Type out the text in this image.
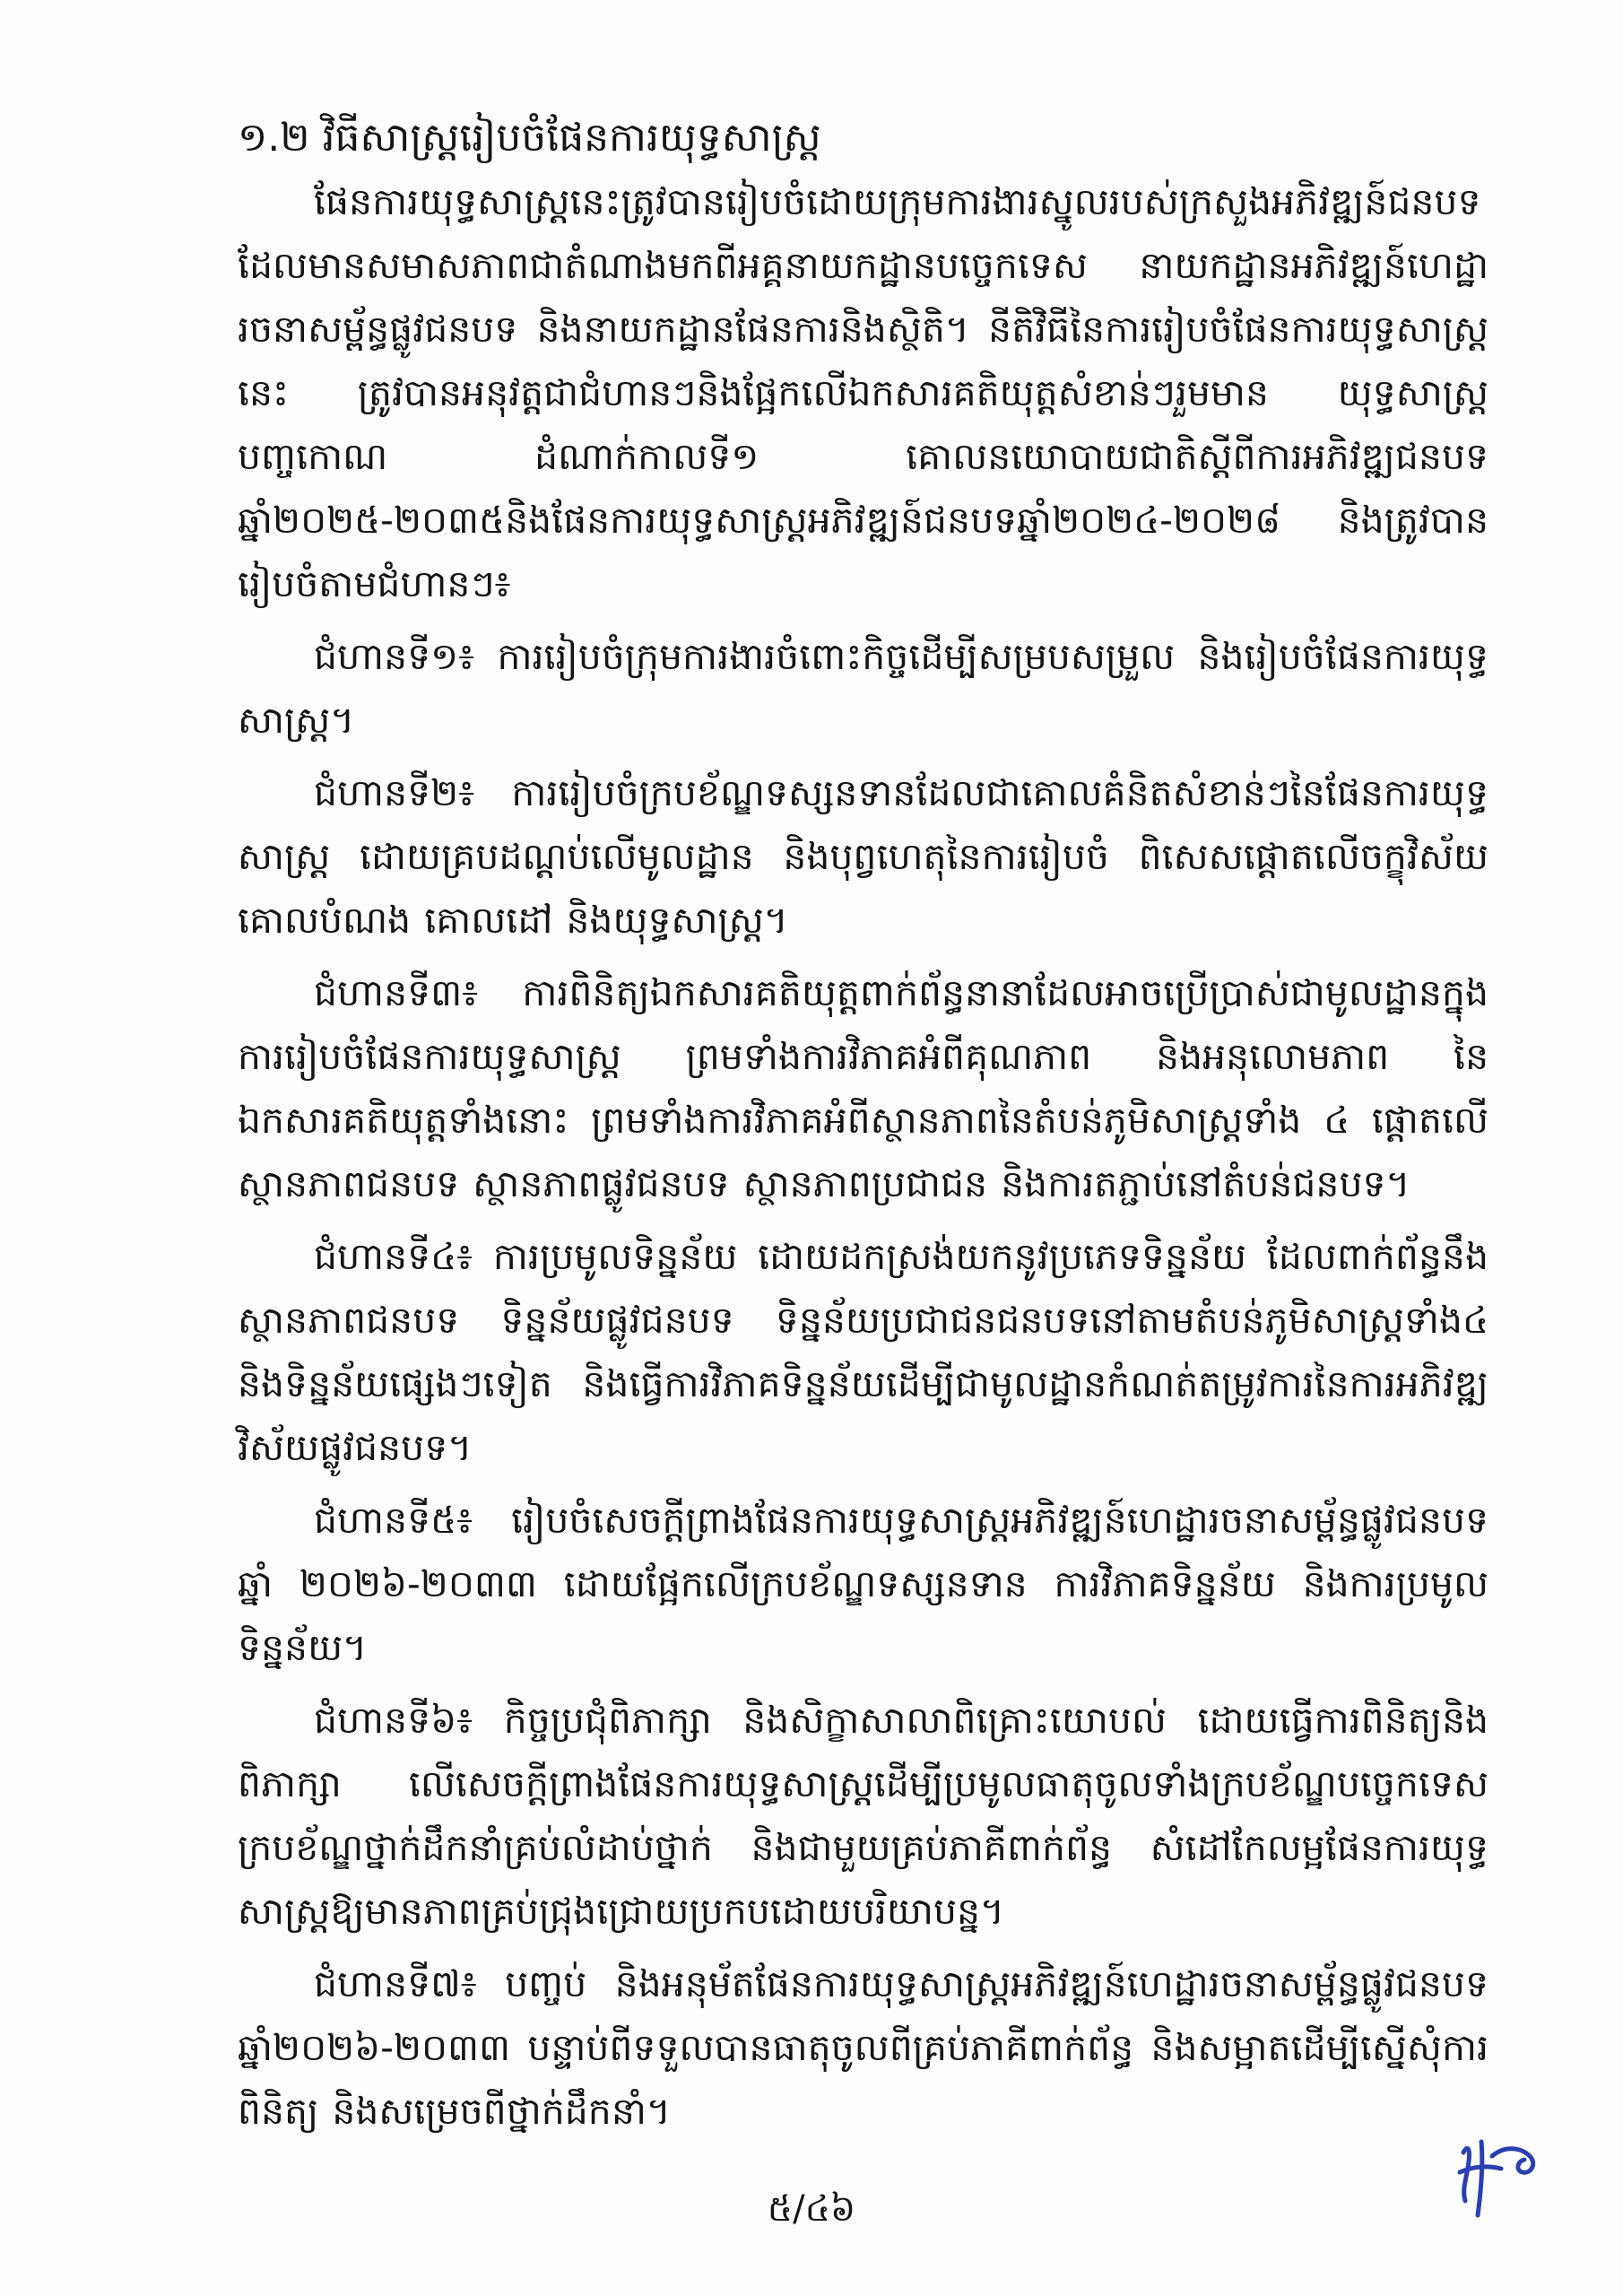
១.២ វិធីសាស្ត្ររៀបចំផែនការយុទ្ធសាស្ត្រ

ផែនការយុទ្ធសាស្ត្រនេះត្រូវបានរៀបចំដោយក្រុមការងារស្នូលរបស់ក្រសួងអភិវឌ្ឍន៍ជនបទ ដែលមានសមាសភាពជាតំណាងមកពីអគ្គនាយកដ្ឋានបច្ចេកទេស នាយកដ្ឋានអភិវឌ្ឍន៍ហេដ្ឋារចនាសម្ព័ន្ធផ្លូវជនបទ និងនាយកដ្ឋានផែនការនិងស្ថិតិ។ នីតិវិធីនៃការរៀបចំផែនការយុទ្ធសាស្ត្រនេះ ត្រូវបានអនុវត្តជាជំហានៗនិងផ្អែកលើឯកសារគតិយុត្តសំខាន់ៗរួមមាន យុទ្ធសាស្ត្របញ្ចកោណ ដំណាក់កាលទី១ គោលនយោបាយជាតិស្ដីពីការអភិវឌ្ឍជនបទឆ្នាំ២០២៥-២០៣៥និងផែនការយុទ្ធសាស្ត្រអភិវឌ្ឍន៍ជនបទឆ្នាំ២០២៤-២០២៨ និងត្រូវបានរៀបចំតាមជំហានៗ៖

ជំហានទី១៖ ការរៀបចំក្រុមការងារចំពោះកិច្ចដើម្បីសម្របសម្រួល និងរៀបចំផែនការយុទ្ធសាស្ត្រ។

ជំហានទី២៖ ការរៀបចំក្របខ័ណ្ឌទស្សនទានដែលជាគោលគំនិតសំខាន់ៗនៃផែនការយុទ្ធសាស្ត្រ ដោយគ្របដណ្ដប់លើមូលដ្ឋាន និងបុព្វហេតុនៃការរៀបចំ ពិសេសផ្ដោតលើចក្ខុវិស័យ គោលបំណង គោលដៅ និងយុទ្ធសាស្ត្រ។

ជំហានទី៣៖ ការពិនិត្យឯកសារគតិយុត្តពាក់ព័ន្ធនានាដែលអាចប្រើប្រាស់ជាមូលដ្ឋានក្នុងការរៀបចំផែនការយុទ្ធសាស្ត្រ ព្រមទាំងការវិភាគអំពីគុណភាព និងអនុលោមភាព នៃឯកសារគតិយុត្តទាំងនោះ ព្រមទាំងការវិភាគអំពីស្ថានភាពនៃតំបន់ភូមិសាស្ត្រទាំង ៤ ផ្ដោតលើស្ថានភាពជនបទ ស្ថានភាពផ្លូវជនបទ ស្ថានភាពប្រជាជន និងការតភ្ជាប់នៅតំបន់ជនបទ។

ជំហានទី៤៖ ការប្រមូលទិន្នន័យ ដោយដកស្រង់យកនូវប្រភេទទិន្នន័យ ដែលពាក់ព័ន្ធនឹងស្ថានភាពជនបទ ទិន្នន័យផ្លូវជនបទ ទិន្នន័យប្រជាជនជនបទនៅតាមតំបន់ភូមិសាស្ត្រទាំង៤ និងទិន្នន័យផ្សេងៗទៀត និងធ្វើការវិភាគទិន្នន័យដើម្បីជាមូលដ្ឋានកំណត់តម្រូវការនៃការអភិវឌ្ឍវិស័យផ្លូវជនបទ។

ជំហានទី៥៖ រៀបចំសេចក្ដីព្រាងផែនការយុទ្ធសាស្ត្រអភិវឌ្ឍន៍ហេដ្ឋារចនាសម្ព័ន្ធផ្លូវជនបទឆ្នាំ ២០២៦-២០៣៣ ដោយផ្អែកលើក្របខ័ណ្ឌទស្សនទាន ការវិភាគទិន្នន័យ និងការប្រមូលទិន្នន័យ។

ជំហានទី៦៖ កិច្ចប្រជុំពិភាក្សា និងសិក្ខាសាលាពិគ្រោះយោបល់ ដោយធ្វើការពិនិត្យនិងពិភាក្សា លើសេចក្ដីព្រាងផែនការយុទ្ធសាស្ត្រដើម្បីប្រមូលធាតុចូលទាំងក្របខ័ណ្ឌបច្ចេកទេស ក្របខ័ណ្ឌថ្នាក់ដឹកនាំគ្រប់លំដាប់ថ្នាក់ និងជាមួយគ្រប់ភាគីពាក់ព័ន្ធ សំដៅកែលម្អផែនការយុទ្ធសាស្ត្រឱ្យមានភាពគ្រប់ជ្រុងជ្រោយប្រកបដោយបរិយាបន្ន។

ជំហានទី៧៖ បញ្ចប់ និងអនុម័តផែនការយុទ្ធសាស្ត្រអភិវឌ្ឍន៍ហេដ្ឋារចនាសម្ព័ន្ធផ្លូវជនបទឆ្នាំ២០២៦-២០៣៣ បន្ទាប់ពីទទួលបានធាតុចូលពីគ្រប់ភាគីពាក់ព័ន្ធ និងសម្អាតដើម្បីស្នើសុំការពិនិត្យ និងសម្រេចពីថ្នាក់ដឹកនាំ។

៥/៤៦
